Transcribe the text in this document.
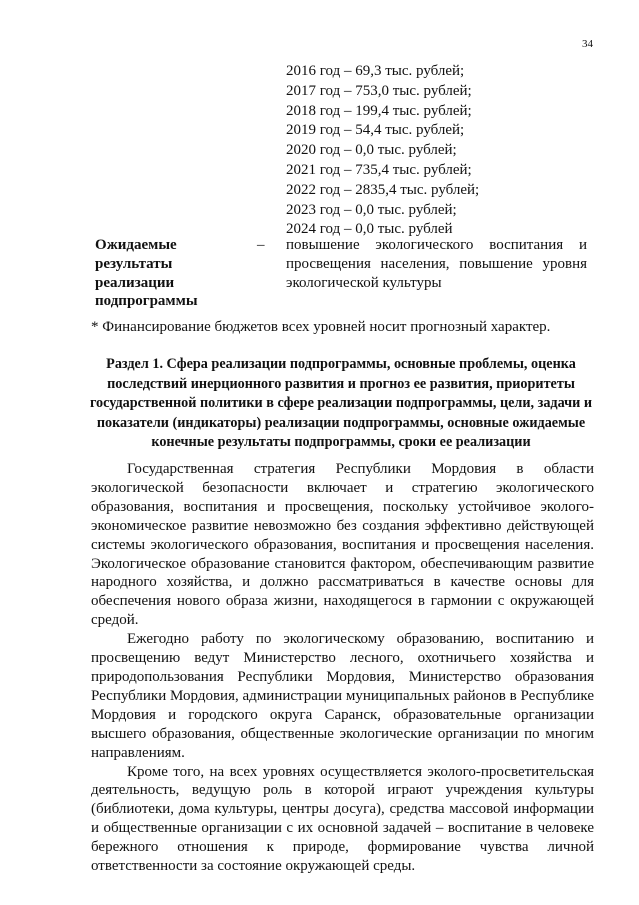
34
2016 год – 69,3 тыс. рублей;
2017 год – 753,0 тыс. рублей;
2018 год – 199,4 тыс. рублей;
2019 год – 54,4 тыс. рублей;
2020 год – 0,0 тыс. рублей;
2021 год – 735,4 тыс. рублей;
2022 год – 2835,4 тыс. рублей;
2023 год – 0,0 тыс. рублей;
2024 год – 0,0 тыс. рублей
Ожидаемые результаты реализации подпрограммы
– повышение экологического воспитания и просвещения населения, повышение уровня экологической культуры
* Финансирование бюджетов всех уровней носит прогнозный характер.
Раздел 1. Сфера реализации подпрограммы, основные проблемы, оценка последствий инерционного развития и прогноз ее развития, приоритеты государственной политики в сфере реализации подпрограммы, цели, задачи и показатели (индикаторы) реализации подпрограммы, основные ожидаемые конечные результаты подпрограммы, сроки ее реализации

Государственная стратегия Республики Мордовия в области экологической безопасности включает и стратегию экологического образования, воспитания и просвещения, поскольку устойчивое эколого-экономическое развитие невозможно без создания эффективно действующей системы экологического образования, воспитания и просвещения населения. Экологическое образование становится фактором, обеспечивающим развитие народного хозяйства, и должно рассматриваться в качестве основы для обеспечения нового образа жизни, находящегося в гармонии с окружающей средой.

Ежегодно работу по экологическому образованию, воспитанию и просвещению ведут Министерство лесного, охотничьего хозяйства и природопользования Республики Мордовия, Министерство образования Республики Мордовия, администрации муниципальных районов в Республике Мордовия и городского округа Саранск, образовательные организации высшего образования, общественные экологические организации по многим направлениям.

Кроме того, на всех уровнях осуществляется эколого-просветительская деятельность, ведущую роль в которой играют учреждения культуры (библиотеки, дома культуры, центры досуга), средства массовой информации и общественные организации с их основной задачей – воспитание в человеке бережного отношения к природе, формирование чувства личной ответственности за состояние окружающей среды.
